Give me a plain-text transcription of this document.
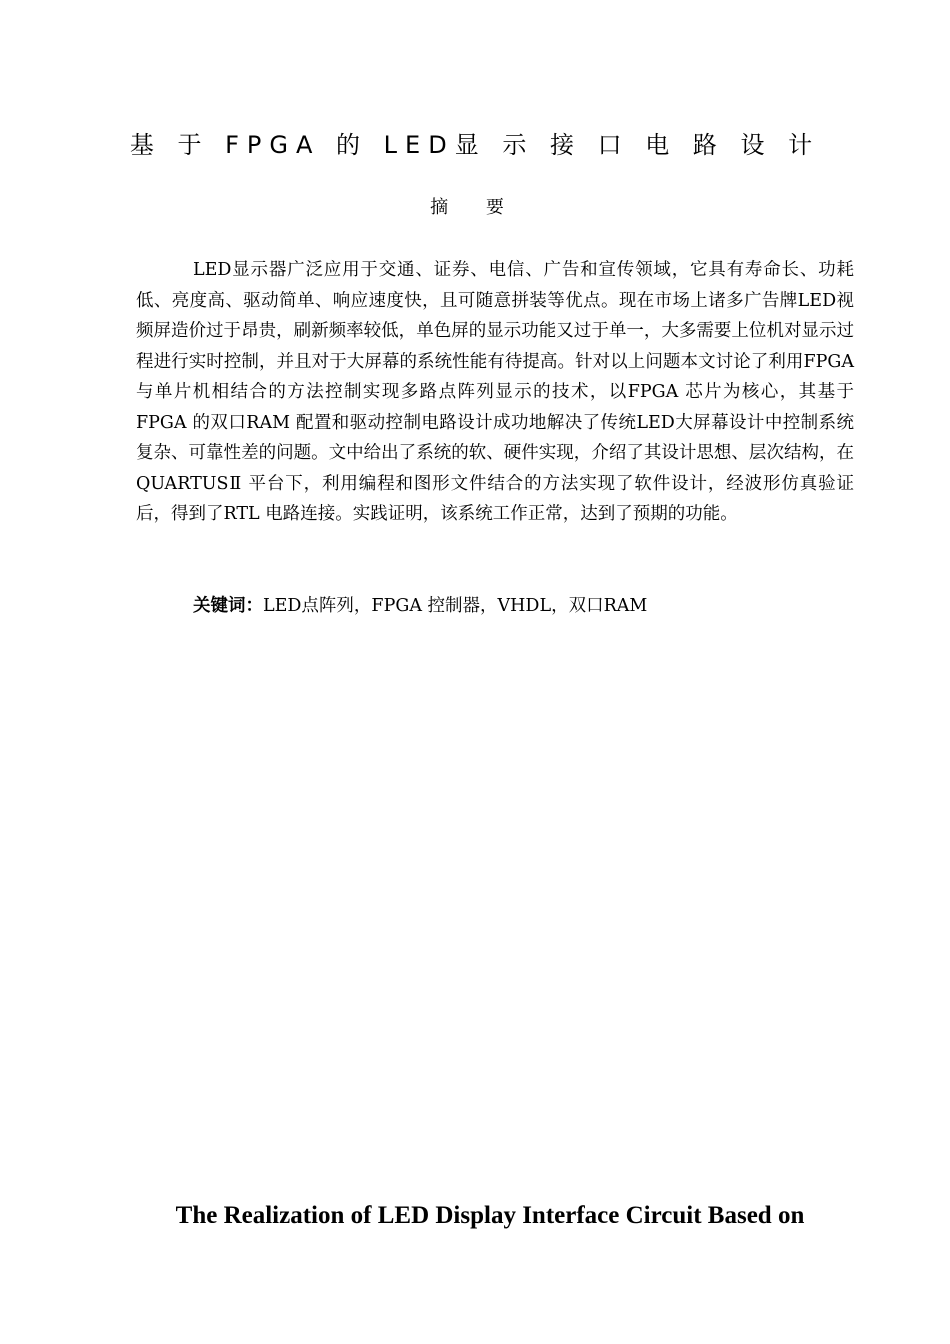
基 于 FPGA 的 LED显 示 接 口 电 路 设 计
摘 要

LED显示器广泛应用于交通、证券、电信、广告和宣传领域，它具有寿命长、功耗低、亮度高、驱动简单、响应速度快，且可随意拼装等优点。现在市场上诸多广告牌LED视频屏造价过于昂贵，刷新频率较低，单色屏的显示功能又过于单一，大多需要上位机对显示过程进行实时控制，并且对于大屏幕的系统性能有待提高。针对以上问题本文讨论了利用FPGA 与单片机相结合的方法控制实现多路点阵列显示的技术，以FPGA 芯片为核心，其基于FPGA 的双口RAM 配置和驱动控制电路设计成功地解决了传统LED大屏幕设计中控制系统复杂、可靠性差的问题。文中给出了系统的软、硬件实现，介绍了其设计思想、层次结构，在QUARTUSⅡ 平台下，利用编程和图形文件结合的方法实现了软件设计，经波形仿真验证后，得到了RTL 电路连接。实践证明，该系统工作正常，达到了预期的功能。

关键词：LED点阵列，FPGA 控制器，VHDL，双口RAM
The Realization of LED Display Interface Circuit Based on
